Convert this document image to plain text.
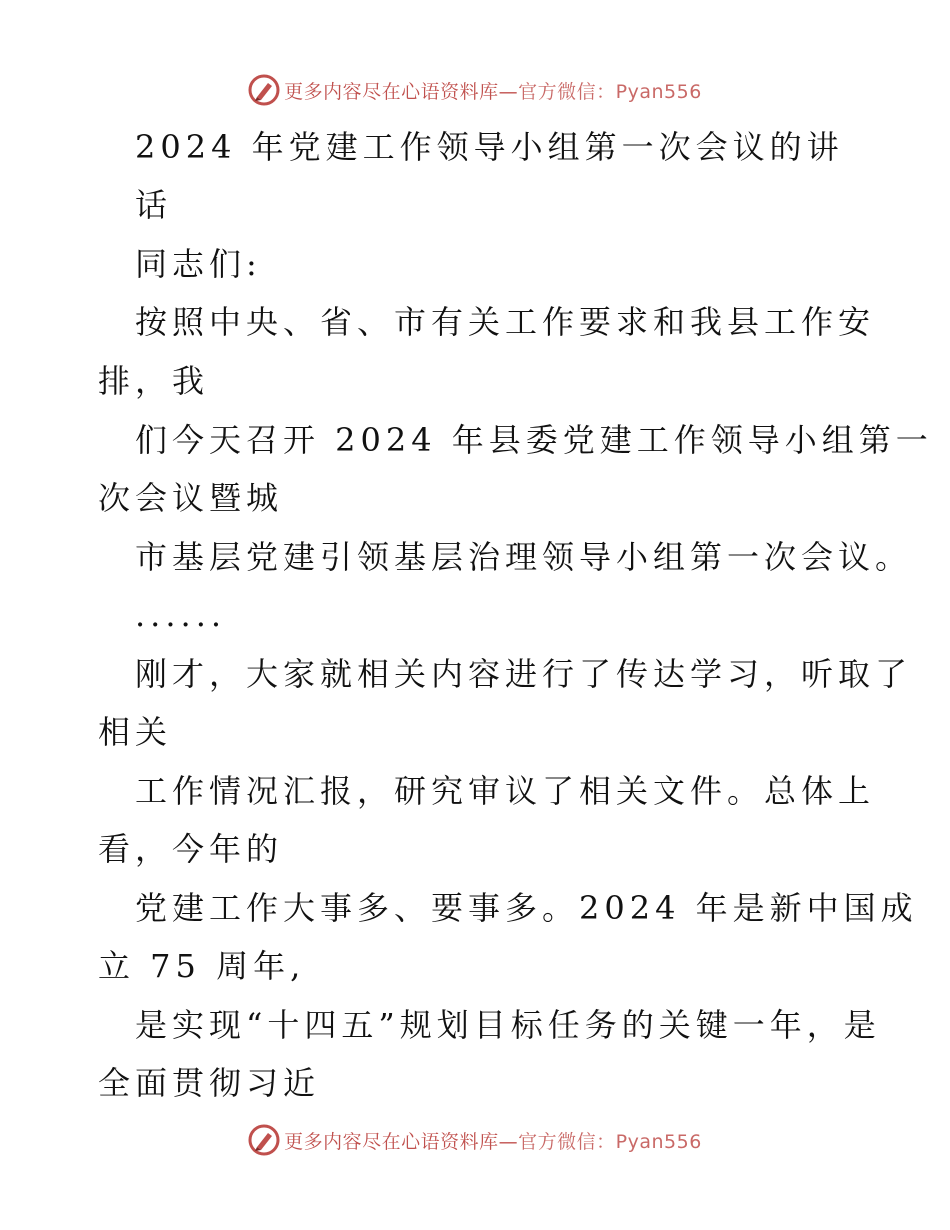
更多内容尽在心语资料库—官方微信：Pyan556
2024 年党建工作领导小组第一次会议的讲
话
同志们:
按照中央、省、市有关工作要求和我县工作安
排，我
们今天召开 2024 年县委党建工作领导小组第一
次会议暨城
市基层党建引领基层治理领导小组第一次会议。
......
刚才，大家就相关内容进行了传达学习，听取了
相关
工作情况汇报，研究审议了相关文件。总体上
看，今年的
党建工作大事多、要事多。2024 年是新中国成
立 75 周年,
是实现“十四五”规划目标任务的关键一年，是
全面贯彻习近
更多内容尽在心语资料库—官方微信：Pyan556
